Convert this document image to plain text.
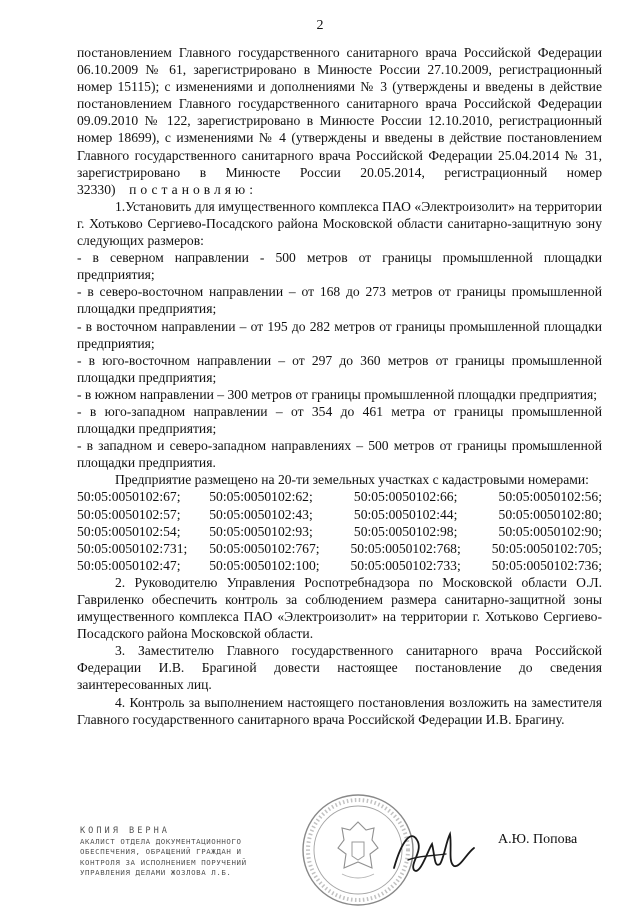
2

постановлением Главного государственного санитарного врача Российской Федерации 06.10.2009 № 61, зарегистрировано в Минюсте России 27.10.2009, регистрационный номер 15115); с изменениями и дополнениями № 3 (утверждены и введены в действие постановлением Главного государственного санитарного врача Российской Федерации 09.09.2010 № 122, зарегистрировано в Минюсте России 12.10.2010, регистрационный номер 18699), с изменениями № 4 (утверждены и введены в действие постановлением Главного государственного санитарного врача Российской Федерации 25.04.2014 № 31, зарегистрировано в Минюсте России 20.05.2014, регистрационный номер 32330) постановляю:

1.Установить для имущественного комплекса ПАО «Электроизолит» на территории г. Хотьково Сергиево-Посадского района Московской области санитарно-защитную зону следующих размеров:

- в северном направлении - 500 метров от границы промышленной площадки предприятия;

- в северо-восточном направлении – от 168 до 273 метров от границы промышленной площадки предприятия;

- в восточном направлении – от 195 до 282 метров от границы промышленной площадки предприятия;

- в юго-восточном направлении – от 297 до 360 метров от границы промышленной площадки предприятия;

- в южном направлении – 300 метров от границы промышленной площадки предприятия;

- в юго-западном направлении – от 354 до 461 метра от границы промышленной площадки предприятия;

- в западном и северо-западном направлениях – 500 метров от границы промышленной площадки предприятия.

Предприятие размещено на 20-ти земельных участках с кадастровыми номерами:

50:05:0050102:67;	50:05:0050102:62;	50:05:0050102:66;	50:05:0050102:56;
50:05:0050102:57;	50:05:0050102:43;	50:05:0050102:44;	50:05:0050102:80;
50:05:0050102:54;	50:05:0050102:93;	50:05:0050102:98;	50:05:0050102:90;
50:05:0050102:731;	50:05:0050102:767;	50:05:0050102:768;	50:05:0050102:705;
50:05:0050102:47;	50:05:0050102:100;	50:05:0050102:733;	50:05:0050102:736;

2. Руководителю Управления Роспотребнадзора по Московской области О.Л. Гавриленко обеспечить контроль за соблюдением размера санитарно-защитной зоны имущественного комплекса ПАО «Электроизолит» на территории г. Хотьково Сергиево-Посадского района Московской области.

3. Заместителю Главного государственного санитарного врача Российской Федерации И.В. Брагиной довести настоящее постановление до сведения заинтересованных лиц.

4. Контроль за выполнением настоящего постановления возложить на заместителя Главного государственного санитарного врача Российской Федерации И.В. Брагину.

КОПИЯ ВЕРНА
АКАЛИСТ ОТДЕЛА ДОКУМЕНТАЦИОННОГО
ОБЕСПЕЧЕНИЯ, ОБРАЩЕНИЙ ГРАЖДАН И
КОНТРОЛЯ ЗА ИСПОЛНЕНИЕМ ПОРУЧЕНИЙ
УПРАВЛЕНИЯ ДЕЛАМИ ЖОЗЛОВА Л.Б.
А.Ю. Попова
